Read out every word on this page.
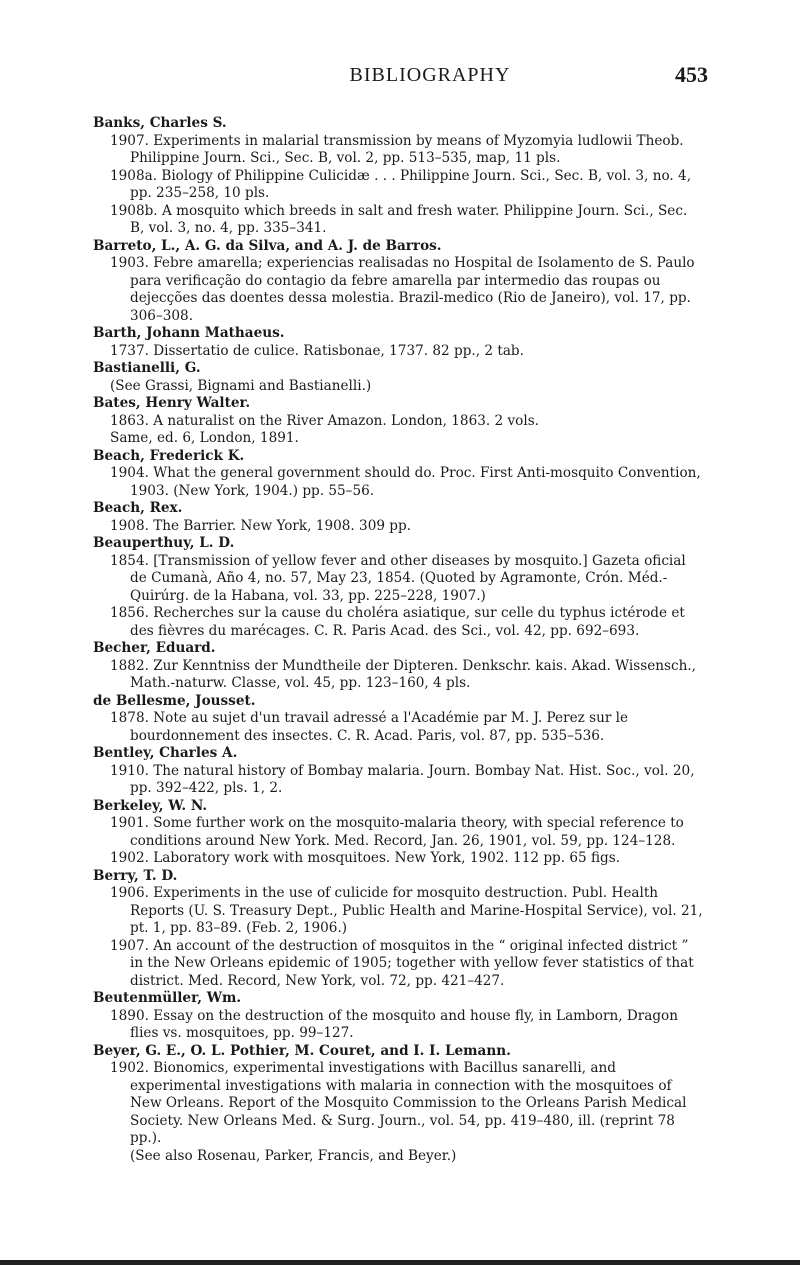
BIBLIOGRAPHY	453
Banks, Charles S.
1907. Experiments in malarial transmission by means of Myzomyia ludlowii Theob. Philippine Journ. Sci., Sec. B, vol. 2, pp. 513–535, map, 11 pls.
1908a. Biology of Philippine Culicidæ . . . Philippine Journ. Sci., Sec. B, vol. 3, no. 4, pp. 235–258, 10 pls.
1908b. A mosquito which breeds in salt and fresh water. Philippine Journ. Sci., Sec. B, vol. 3, no. 4, pp. 335–341.
Barreto, L., A. G. da Silva, and A. J. de Barros.
1903. Febre amarella; experiencias realisadas no Hospital de Isolamento de S. Paulo para verificação do contagio da febre amarella par intermedio das roupas ou dejecções das doentes dessa molestia. Brazil-medico (Rio de Janeiro), vol. 17, pp. 306–308.
Barth, Johann Mathaeus.
1737. Dissertatio de culice. Ratisbonae, 1737. 82 pp., 2 tab.
Bastianelli, G.
(See Grassi, Bignami and Bastianelli.)
Bates, Henry Walter.
1863. A naturalist on the River Amazon. London, 1863. 2 vols.
Same, ed. 6, London, 1891.
Beach, Frederick K.
1904. What the general government should do. Proc. First Anti-mosquito Convention, 1903. (New York, 1904.) pp. 55–56.
Beach, Rex.
1908. The Barrier. New York, 1908. 309 pp.
Beauperthuy, L. D.
1854. [Transmission of yellow fever and other diseases by mosquito.] Gazeta oficial de Cumanà, Año 4, no. 57, May 23, 1854. (Quoted by Agramonte, Crón. Méd.-Quirúrg. de la Habana, vol. 33, pp. 225–228, 1907.)
1856. Recherches sur la cause du choléra asiatique, sur celle du typhus ictérode et des fièvres du marécages. C. R. Paris Acad. des Sci., vol. 42, pp. 692–693.
Becher, Eduard.
1882. Zur Kenntniss der Mundtheile der Dipteren. Denkschr. kais. Akad. Wissensch., Math.-naturw. Classe, vol. 45, pp. 123–160, 4 pls.
de Bellesme, Jousset.
1878. Note au sujet d'un travail adressé a l'Académie par M. J. Perez sur le bourdonnement des insectes. C. R. Acad. Paris, vol. 87, pp. 535–536.
Bentley, Charles A.
1910. The natural history of Bombay malaria. Journ. Bombay Nat. Hist. Soc., vol. 20, pp. 392–422, pls. 1, 2.
Berkeley, W. N.
1901. Some further work on the mosquito-malaria theory, with special reference to conditions around New York. Med. Record, Jan. 26, 1901, vol. 59, pp. 124–128.
1902. Laboratory work with mosquitoes. New York, 1902. 112 pp. 65 figs.
Berry, T. D.
1906. Experiments in the use of culicide for mosquito destruction. Publ. Health Reports (U. S. Treasury Dept., Public Health and Marine-Hospital Service), vol. 21, pt. 1, pp. 83–89. (Feb. 2, 1906.)
1907. An account of the destruction of mosquitos in the “ original infected district ” in the New Orleans epidemic of 1905; together with yellow fever statistics of that district. Med. Record, New York, vol. 72, pp. 421–427.
Beutenmüller, Wm.
1890. Essay on the destruction of the mosquito and house fly, in Lamborn, Dragon flies vs. mosquitoes, pp. 99–127.
Beyer, G. E., O. L. Pothier, M. Couret, and I. I. Lemann.
1902. Bionomics, experimental investigations with Bacillus sanarelli, and experimental investigations with malaria in connection with the mosquitoes of New Orleans. Report of the Mosquito Commission to the Orleans Parish Medical Society. New Orleans Med. & Surg. Journ., vol. 54, pp. 419–480, ill. (reprint 78 pp.).
(See also Rosenau, Parker, Francis, and Beyer.)
